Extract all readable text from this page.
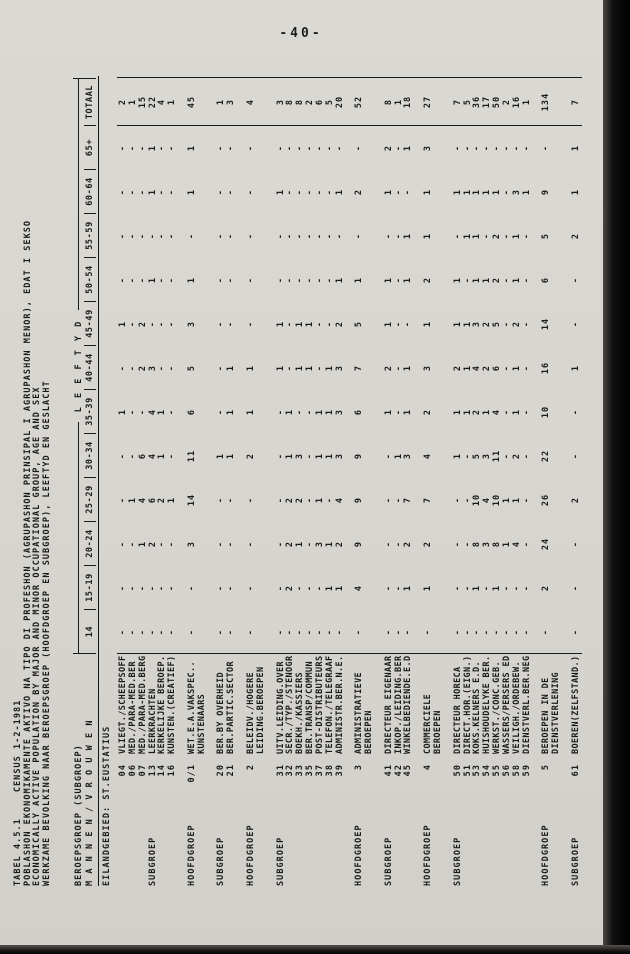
-40-
TABEL 4.5.1CENSUS 1-2-1981 POBLASHON EKONOMIKAMENTE AKTIVO NA TIPO DI PROFESHON (AGRUPASHON PRINSIPAL I AGRUPASHON MENOR), EDAT I SEKSO ECONOMICALLY ACTIVE POPULATION BY MAJOR AND MINOR OCCUPATIONAL GROUP, AGE AND SEX WERKZAME BEVOLKING NAAR BEROEPSGROEP (HOOFDGROEP EN SUBGROEP), LEEFTYD EN GESLACHT	BEROEPSGROEP (SUBGROEP)
L E E F T Y D
M A N N E N / V R O U W E N
14
15-19
20-24
25-29
30-34
35-39
40-44
45-49
50-54
55-59
60-64
65+
TOTAAL
EILANDGEBIED: ST.EUSTATIUS 04
VLIEGT./SCHEEPSOFF
-
-
-
-
-
1
-
1
-
-
-
-
2
06
MED./PARA-MED.BER
-
-
-
1
-
-
-
-
-
-
-
-
1
07
MED./PARA-MED.BERG
-
-
1
4
6
-
2
2
-
-
-
-
15
SUBGROEP
13
LEERKRACHTEN
-
-
2
6
4
4
3
-
1
-
1
1
22
14
KERKELIJKE BEROEP.
-
-
-
2
1
1
-
-
-
-
-
-
4
16
KUNSTEN.(CREATIEF)
-
-
-
1
-
-
-
-
-
-
-
-
1
HOOFDGROEP
0/1
WET.E.A.VAKSPEC..
-
-
3
14
11
6
5
3
1
-
1
1
45
KUNSTENAARS
SUBGROEP
20
BER.BY OVERHEID
-
-
-
-
1
-
-
-
-
-
-
-
1
21
BER.PARTIC.SECTOR
-
-
-
-
1
1
1
-
-
-
-
-
3
HOOFDGROEP
2
BELEIDV./HOGERE
-
-
-
-
2
1
1
-
-
-
-
-
4
LEIDING.BEROEPEN
SUBGROEP
31
UITV.LEIDING.OVER
-
-
-
-
-
-
1
1
-
-
1
-
3
32
SECR./TYP./STENOGR
-
2
2
2
1
1
-
-
-
-
-
-
8
33
BOEKH./KASSIERS
-
-
1
2
3
-
1
1
-
-
-
-
8
35
BER.TRANSP/COMMUN
-
-
-
-
-
-
1
1
-
-
-
-
2
37
POST-DISTRIBUTEURS
-
-
3
1
1
1
-
-
-
-
-
-
6
38
TELEFON./TELEGRAAF
-
1
1
-
1
1
1
-
-
-
-
-
5
39
ADMINISTR.BER.N.E.
-
1
2
4
3
3
3
2
1
-
1
-
20
HOOFDGROEP
3
ADMINISTRATIEVE
-
4
9
9
9
6
7
5
1
-
2
-
52
BEROEPEN
SUBGROEP
41
DIRECTEUR EIGENAAR
-
-
-
-
-
1
2
1
1
-
1
2
8
42
INKOP./LEIDING.BER
-
-
-
-
1
-
-
-
-
-
-
-
1
45
WINKELBEDIENDE.E.D
-
1
2
7
3
1
1
-
1
1
-
1
18
HOOFDGROEP
4
COMMERCIELE
-
1
2
7
4
2
3
1
2
1
1
3
27
BEROEPEN
SUBGROEP
50
DIRECTEUR HORECA
-
-
-
-
1
1
2
1
1
-
1
-
7
51
DIRECT.HOR.(EIGN.)
-
-
-
-
-
1
1
1
-
1
1
-
5
53
KOKS.KELNERS E.D.
-
1
8
10
5
2
4
3
1
1
1
-
36
54
HUISHOUDELYKE BER.
-
-
3
4
3
1
2
2
1
-
1
-
17
55
WERKST./CONC.GEB.
-
1
8
10
11
4
6
5
2
2
1
-
50
56
WASSERS/PERSERS ED
-
-
1
1
-
-
-
-
-
-
-
-
2
58
VEILIGH./ORDEBEW.
-
-
4
1
2
1
1
2
1
1
3
-
16
59
DIENSTVERL.BER.NEG
-
-
-
-
-
-
-
-
-
-
1
-
1
HOOFDGROEP
5
BEROEPEN IN DE
-
2
24
26
22
10
16
14
6
5
9
-
134
DIENSTVERLENING
SUBGROEP
61
BOEREN(ZELFSTAND.)
-
-
-
2
-
-
1
-
-
2
1
1
7
